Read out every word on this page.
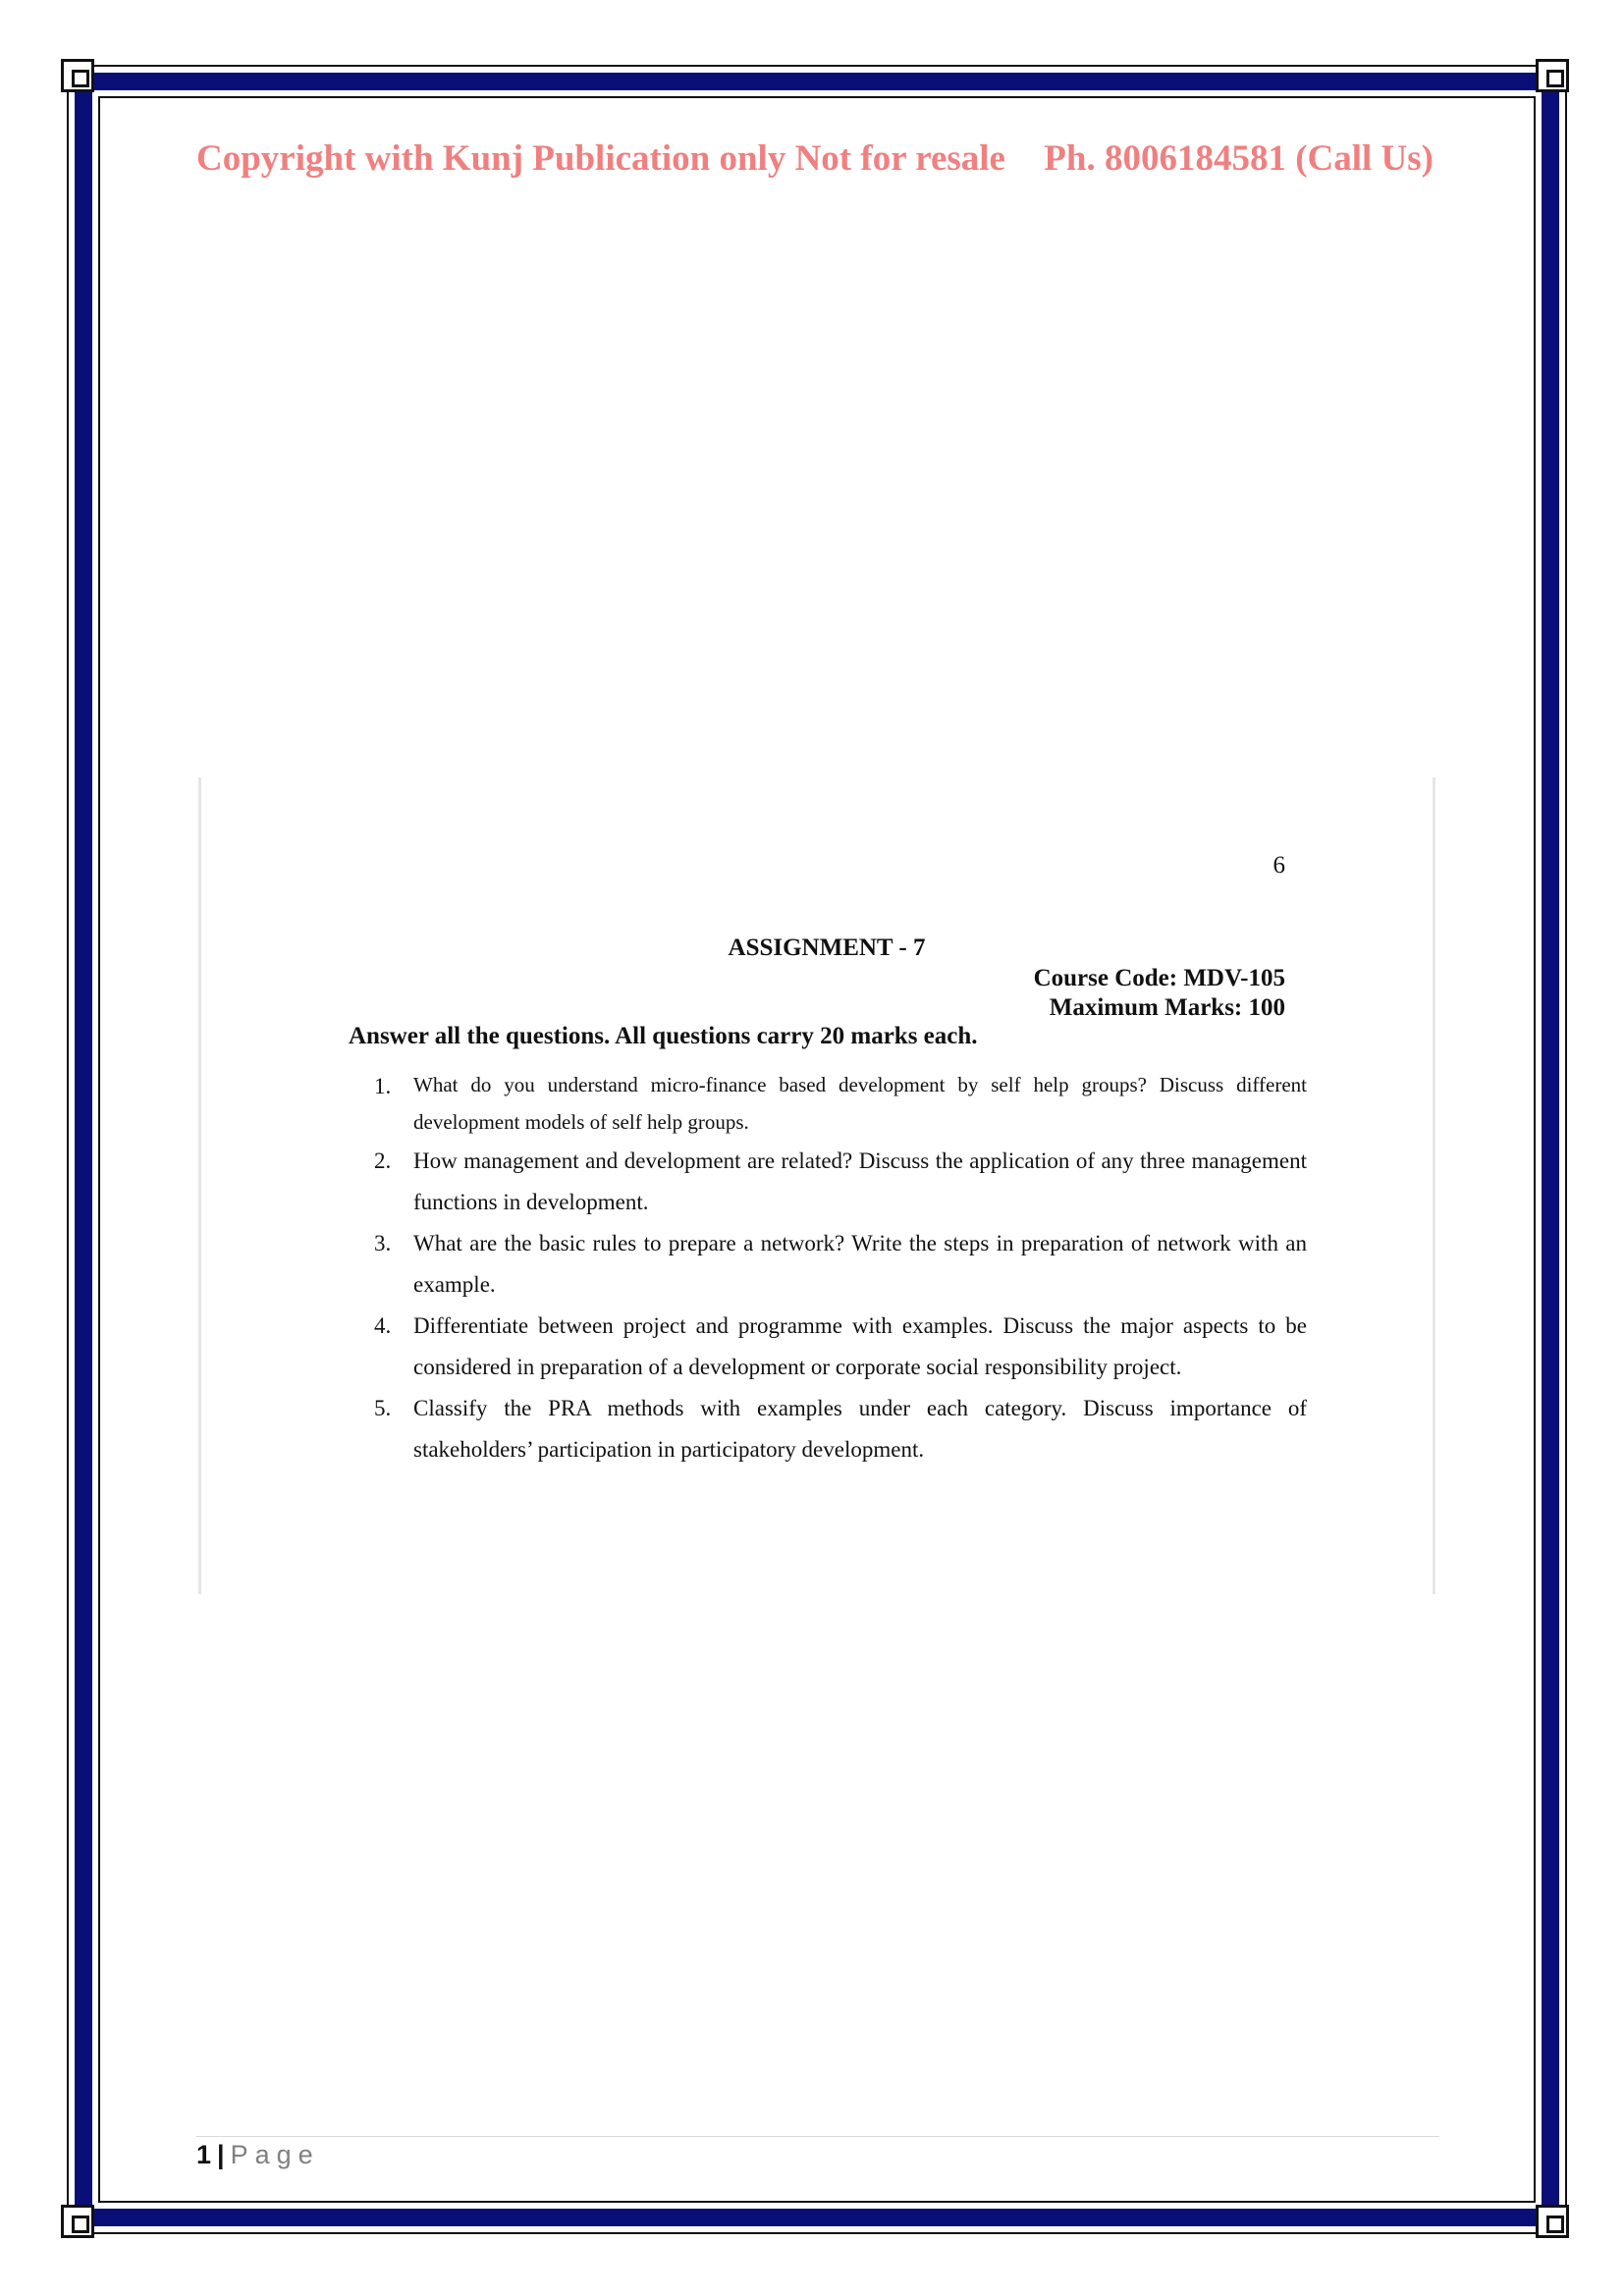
Copyright with Kunj Publication only Not for resale Ph. 8006184581 (Call Us)
6
ASSIGNMENT - 7
Course Code: MDV-105
Maximum Marks: 100
Answer all the questions. All questions carry 20 marks each.
1.	What do you understand micro-finance based development by self help groups? Discuss different development models of self help groups.
2. How management and development are related? Discuss the application of any three management functions in development.
3. What are the basic rules to prepare a network? Write the steps in preparation of network with an example.
4. Differentiate between project and programme with examples. Discuss the major aspects to be considered in preparation of a development or corporate social responsibility project.
5. Classify the PRA methods with examples under each category. Discuss importance of stakeholders’ participation in participatory development.
1 | Page
